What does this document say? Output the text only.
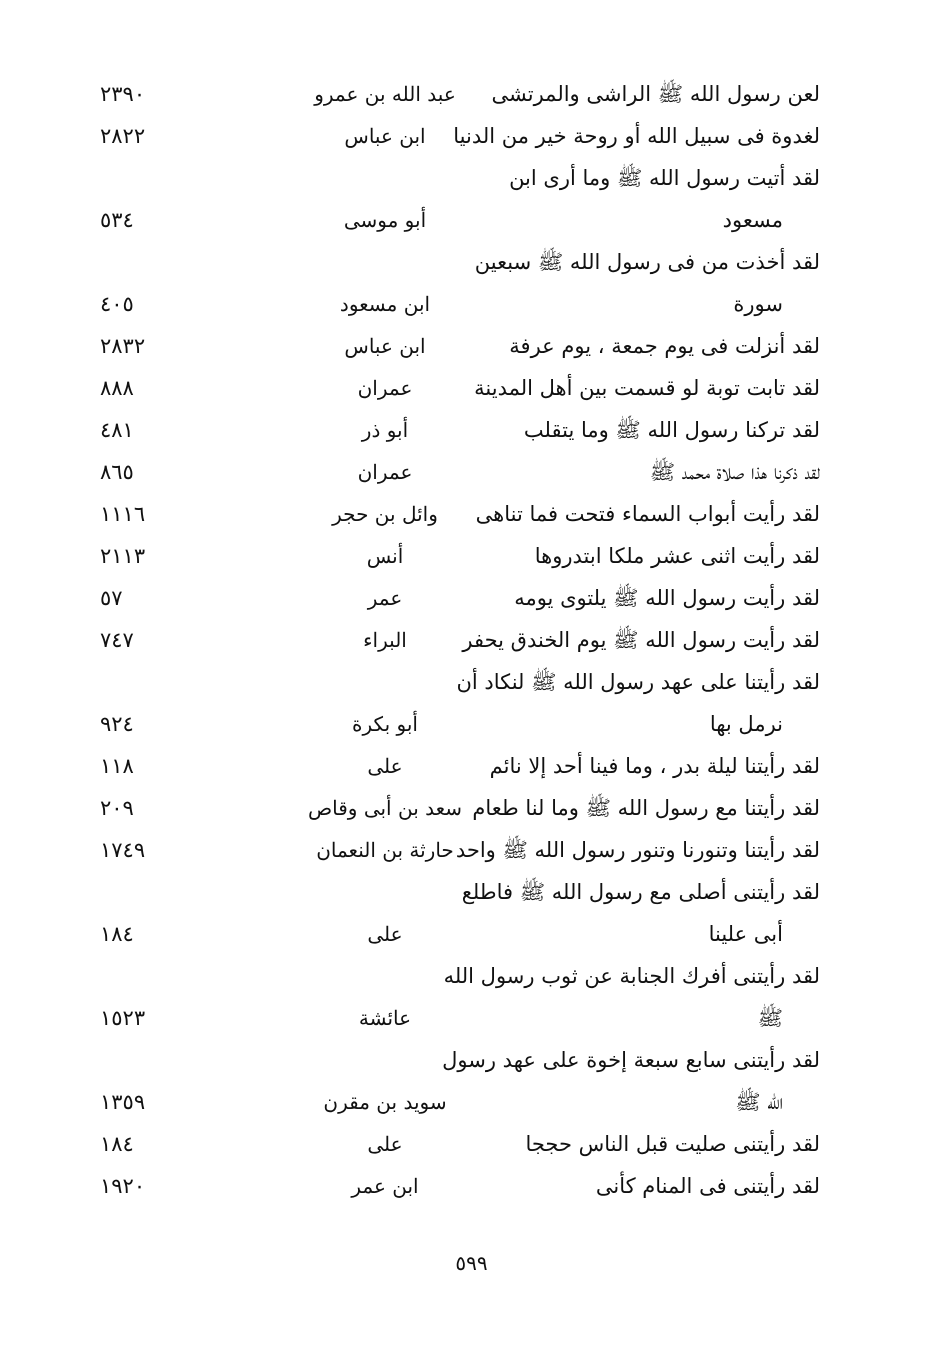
لعن رسول الله ﷺ الراشى والمرتشى
عبد الله بن عمرو
٢٣٩٠
لغدوة فى سبيل الله أو روحة خير من الدنيا
ابن عباس
٢٨٢٢
لقد أتيت رسول الله ﷺ وما أرى ابن
مسعود
أبو موسى
٥٣٤
لقد أخذت من فى رسول الله ﷺ سبعين
سورة
ابن مسعود
٤٠٥
لقد أنزلت فى يوم جمعة ، يوم عرفة
ابن عباس
٢٨٣٢
لقد تابت توبة لو قسمت بين أهل المدينة
عمران
٨٨٨
لقد تركنا رسول الله ﷺ وما يتقلب
أبو ذر
٤٨١
لقد ذكرنا هذا صلاة محمد ﷺ
عمران
٨٦٥
لقد رأيت أبواب السماء فتحت فما تناهى
وائل بن حجر
١١١٦
لقد رأيت اثنى عشر ملكا ابتدروها
أنس
٢١١٣
لقد رأيت رسول الله ﷺ يلتوى يومه
عمر
٥٧
لقد رأيت رسول الله ﷺ يوم الخندق يحفر
البراء
٧٤٧
لقد رأيتنا على عهد رسول الله ﷺ لنكاد أن
نرمل بها
أبو بكرة
٩٢٤
لقد رأيتنا ليلة بدر ، وما فينا أحد إلا نائم
على
١١٨
لقد رأيتنا مع رسول الله ﷺ وما لنا طعام
سعد بن أبى وقاص
٢٠٩
لقد رأيتنا وتنورنا وتنور رسول الله ﷺ واحد
حارثة بن النعمان
١٧٤٩
لقد رأيتنى أصلى مع رسول الله ﷺ فاطلع
أبى علينا
على
١٨٤
لقد رأيتنى أفرك الجنابة عن ثوب رسول الله
ﷺ
عائشة
١٥٢٣
لقد رأيتنى سابع سبعة إخوة على عهد رسول
الله ﷺ
سويد بن مقرن
١٣٥٩
لقد رأيتنى صليت قبل الناس حججا
على
١٨٤
لقد رأيتنى فى المنام كأنى
ابن عمر
١٩٢٠
٥٩٩
